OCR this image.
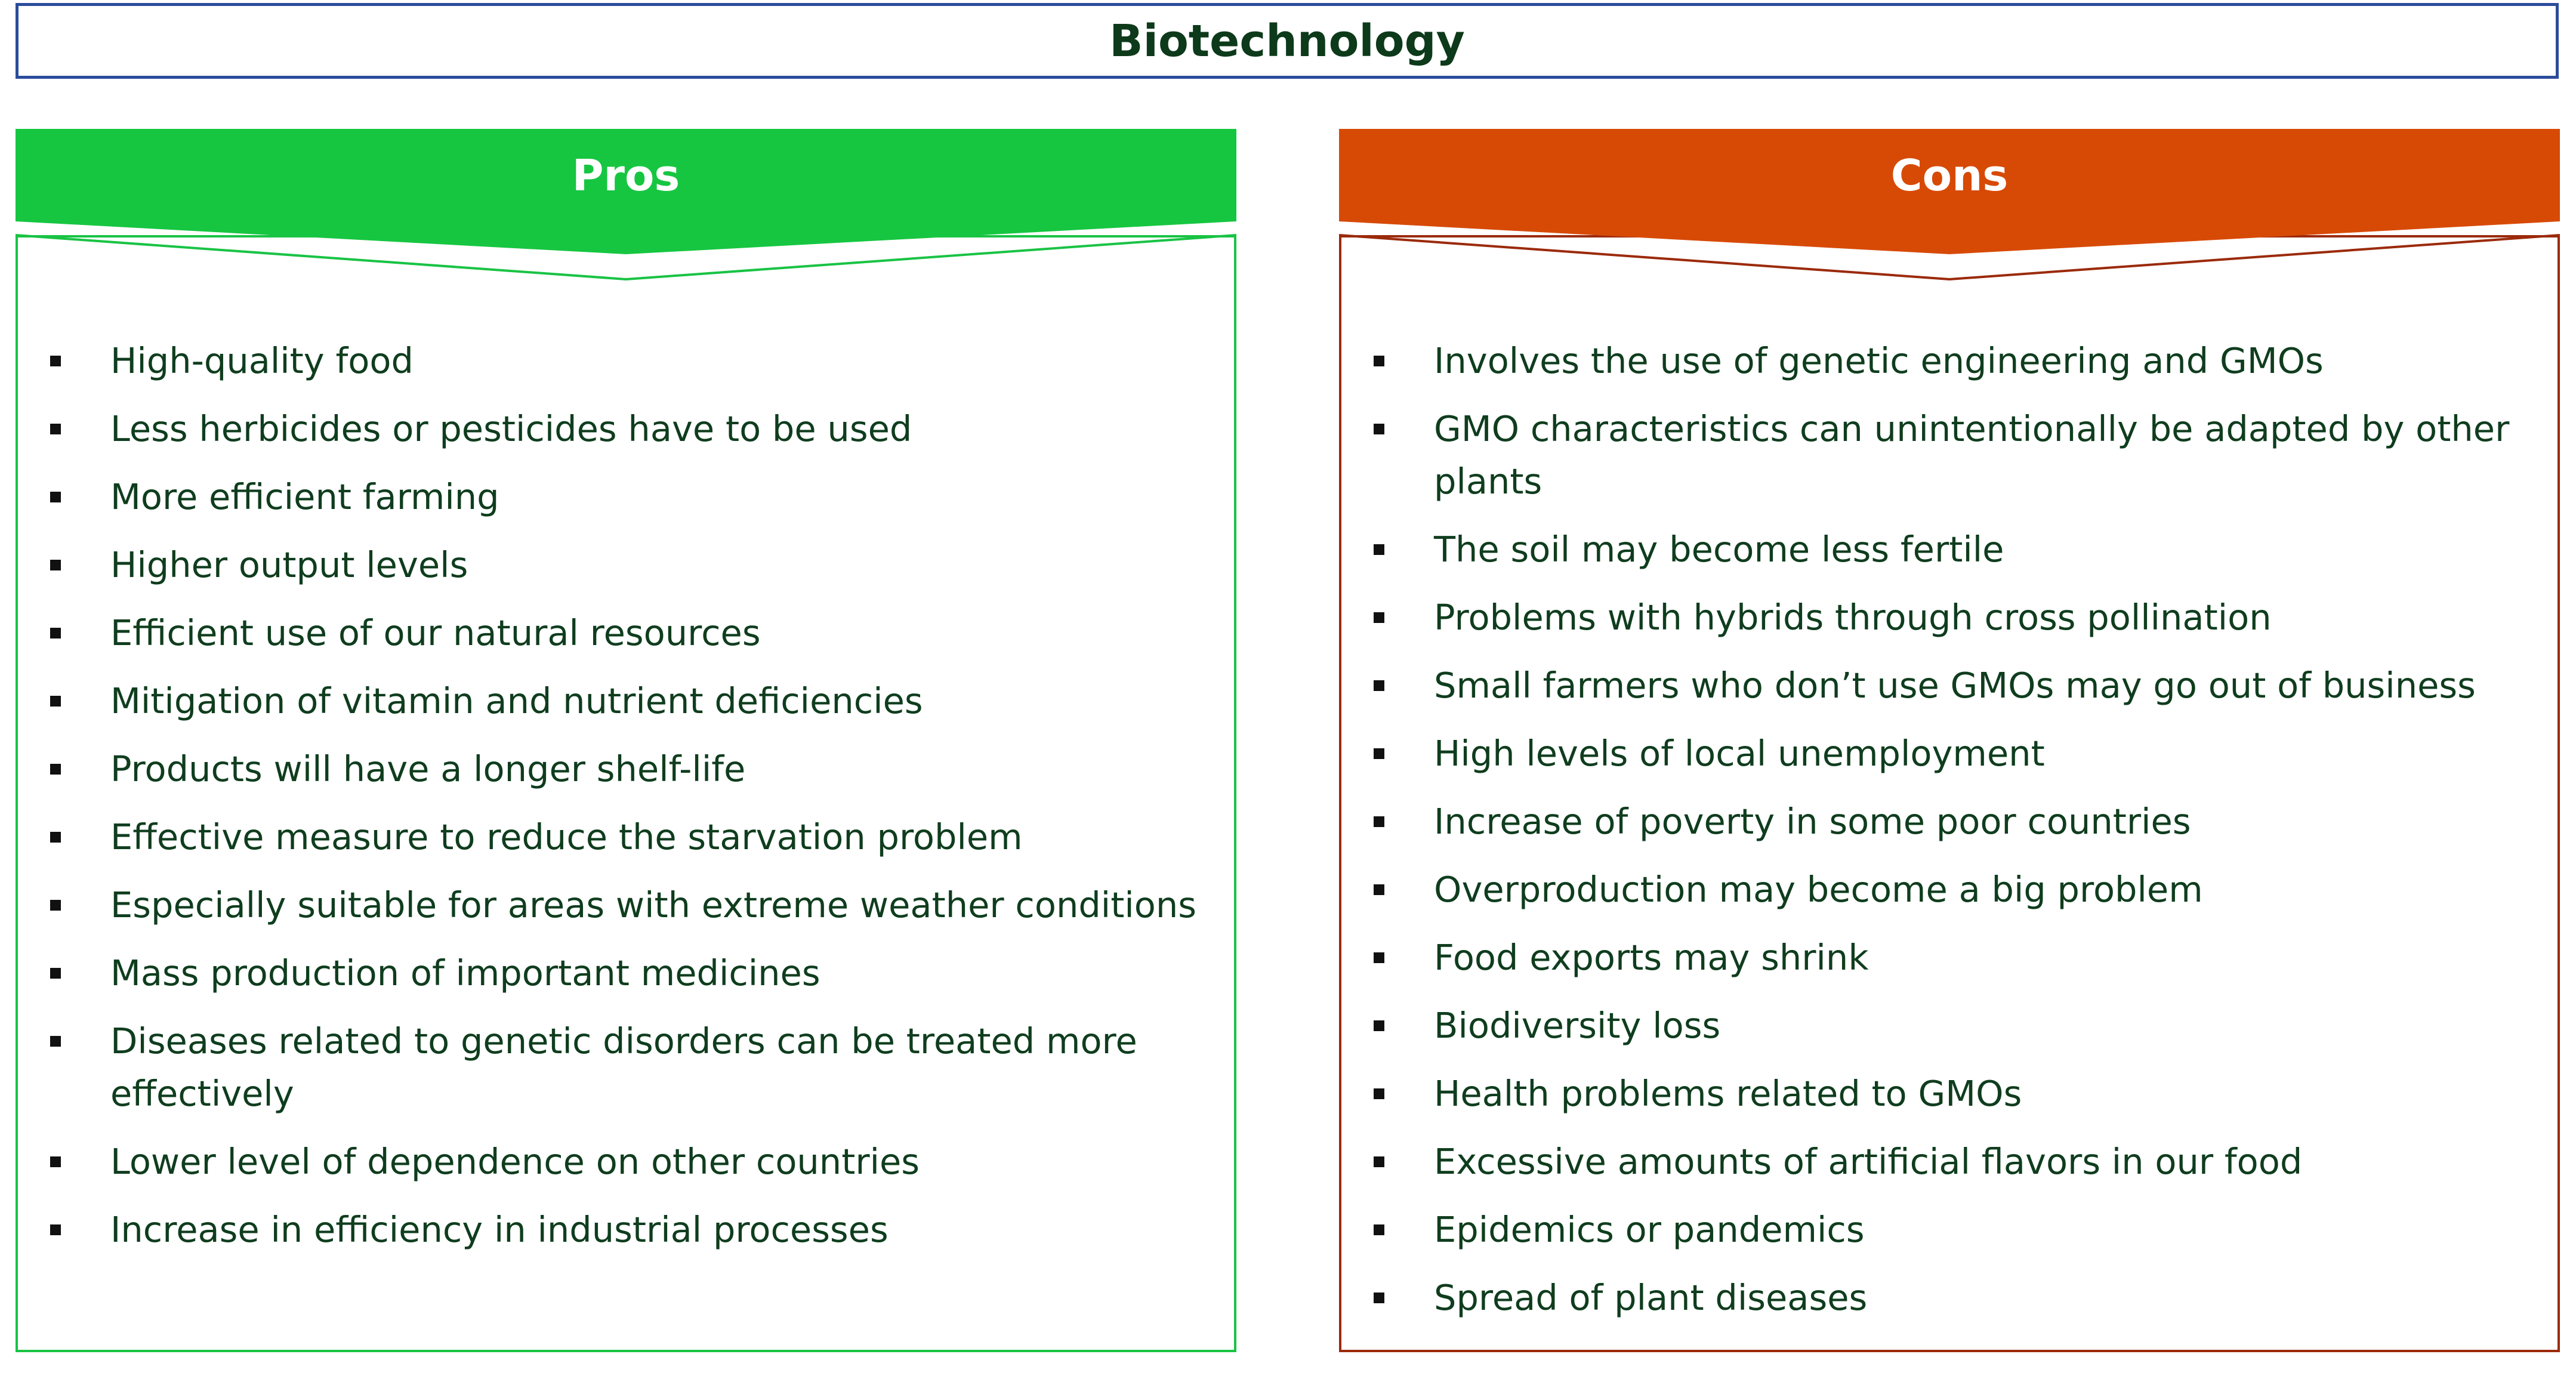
Biotechnology
Pros
High-quality food
Less herbicides or pesticides have to be used
More efficient farming
Higher output levels
Efficient use of our natural resources
Mitigation of vitamin and nutrient deficiencies
Products will have a longer shelf-life
Effective measure to reduce the starvation problem
Especially suitable for areas with extreme weather conditions
Mass production of important medicines
Diseases related to genetic disorders can be treated more effectively
Lower level of dependence on other countries
Increase in efficiency in industrial processes
Cons
Involves the use of genetic engineering and GMOs
GMO characteristics can unintentionally be adapted by other plants
The soil may become less fertile
Problems with hybrids through cross pollination
Small farmers who don’t use GMOs may go out of business
High levels of local unemployment
Increase of poverty in some poor countries
Overproduction may become a big problem
Food exports may shrink
Biodiversity loss
Health problems related to GMOs
Excessive amounts of artificial flavors in our food
Epidemics or pandemics
Spread of plant diseases
